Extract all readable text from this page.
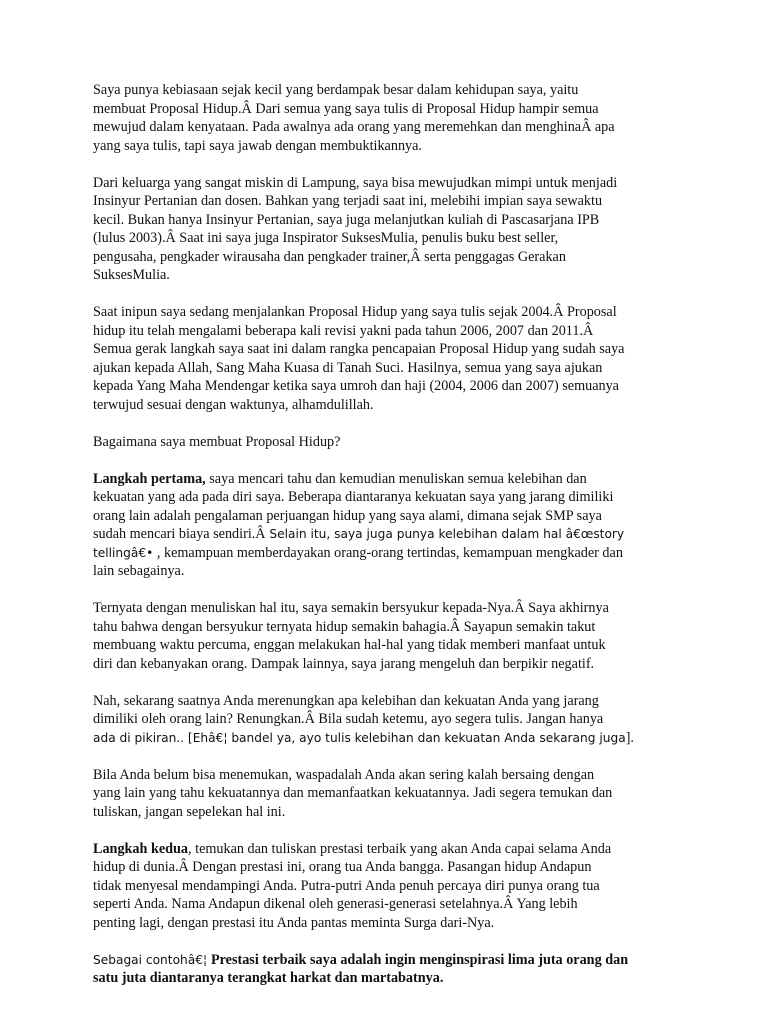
Saya punya kebiasaan sejak kecil yang berdampak besar dalam kehidupan saya, yaitu
membuat Proposal Hidup.Â Dari semua yang saya tulis di Proposal Hidup hampir semua
mewujud dalam kenyataan. Pada awalnya ada orang yang meremehkan dan menghinaÂ apa
yang saya tulis, tapi saya jawab dengan membuktikannya.

Dari keluarga yang sangat miskin di Lampung, saya bisa mewujudkan mimpi untuk menjadi
Insinyur Pertanian dan dosen. Bahkan yang terjadi saat ini, melebihi impian saya sewaktu
kecil. Bukan hanya Insinyur Pertanian, saya juga melanjutkan kuliah di Pascasarjana IPB
(lulus 2003).Â Saat ini saya juga Inspirator SuksesMulia, penulis buku best seller,
pengusaha, pengkader wirausaha dan pengkader trainer,Â serta penggagas Gerakan
SuksesMulia.

Saat inipun saya sedang menjalankan Proposal Hidup yang saya tulis sejak 2004.Â Proposal
hidup itu telah mengalami beberapa kali revisi yakni pada tahun 2006, 2007 dan 2011.Â
Semua gerak langkah saya saat ini dalam rangka pencapaian Proposal Hidup yang sudah saya
ajukan kepada Allah, Sang Maha Kuasa di Tanah Suci. Hasilnya, semua yang saya ajukan
kepada Yang Maha Mendengar ketika saya umroh dan haji (2004, 2006 dan 2007) semuanya
terwujud sesuai dengan waktunya, alhamdulillah.

Bagaimana saya membuat Proposal Hidup?

Langkah pertama, saya mencari tahu dan kemudian menuliskan semua kelebihan dan
kekuatan yang ada pada diri saya. Beberapa diantaranya kekuatan saya yang jarang dimiliki
orang lain adalah pengalaman perjuangan hidup yang saya alami, dimana sejak SMP saya
sudah mencari biaya sendiri.Â Selain itu, saya juga punya kelebihan dalam hal â€œstory
tellingâ€• , kemampuan memberdayakan orang-orang tertindas, kemampuan mengkader dan
lain sebagainya.

Ternyata dengan menuliskan hal itu, saya semakin bersyukur kepada-Nya.Â Saya akhirnya
tahu bahwa dengan bersyukur ternyata hidup semakin bahagia.Â Sayapun semakin takut
membuang waktu percuma, enggan melakukan hal-hal yang tidak memberi manfaat untuk
diri dan kebanyakan orang. Dampak lainnya, saya jarang mengeluh dan berpikir negatif.

Nah, sekarang saatnya Anda merenungkan apa kelebihan dan kekuatan Anda yang jarang
dimiliki oleh orang lain? Renungkan.Â Bila sudah ketemu, ayo segera tulis. Jangan hanya
ada di pikiran.. [Ehâ€¦ bandel ya, ayo tulis kelebihan dan kekuatan Anda sekarang juga].

Bila Anda belum bisa menemukan, waspadalah Anda akan sering kalah bersaing dengan
yang lain yang tahu kekuatannya dan memanfaatkan kekuatannya. Jadi segera temukan dan
tuliskan, jangan sepelekan hal ini.

Langkah kedua, temukan dan tuliskan prestasi terbaik yang akan Anda capai selama Anda
hidup di dunia.Â Dengan prestasi ini, orang tua Anda bangga. Pasangan hidup Andapun
tidak menyesal mendampingi Anda. Putra-putri Anda penuh percaya diri punya orang tua
seperti Anda. Nama Andapun dikenal oleh generasi-generasi setelahnya.Â Yang lebih
penting lagi, dengan prestasi itu Anda pantas meminta Surga dari-Nya.

Sebagai contohâ€¦ Prestasi terbaik saya adalah ingin menginspirasi lima juta orang dan
satu juta diantaranya terangkat harkat dan martabatnya.
